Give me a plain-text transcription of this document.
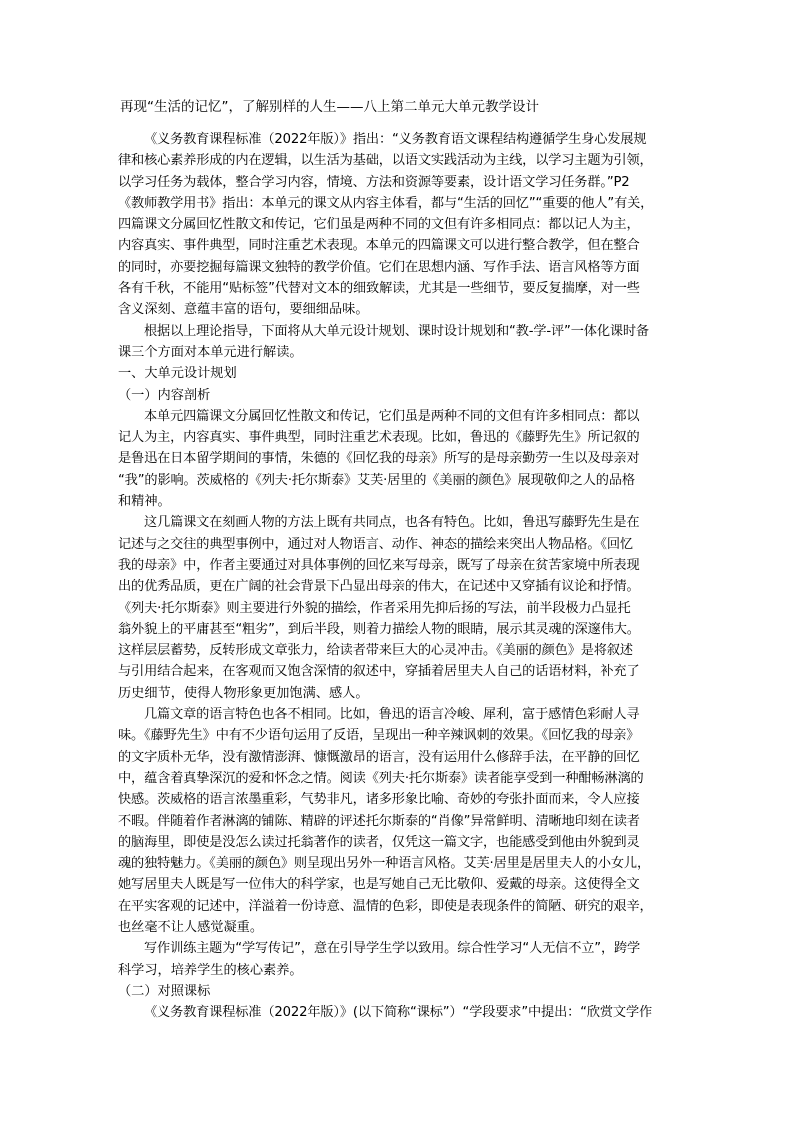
再现“生活的记忆”，了解别样的人生——八上第二单元大单元教学设计
《义务教育课程标准（2022年版）》指出：“义务教育语文课程结构遵循学生身心发展规
律和核心素养形成的内在逻辑，以生活为基础，以语文实践活动为主线，以学习主题为引领，
以学习任务为载体，整合学习内容，情境、方法和资源等要素，设计语文学习任务群。”P2
《教师教学用书》指出：本单元的课文从内容主体看，都与“生活的回忆”“重要的他人”有关，
四篇课文分属回忆性散文和传记，它们虽是两种不同的文但有许多相同点：都以记人为主，
内容真实、事件典型，同时注重艺术表现。本单元的四篇课文可以进行整合教学，但在整合
的同时，亦要挖掘每篇课文独特的教学价值。它们在思想内涵、写作手法、语言风格等方面
各有千秋，不能用“贴标签”代替对文本的细致解读，尤其是一些细节，要反复揣摩，对一些
含义深刻、意蕴丰富的语句，要细细品味。
根据以上理论指导，下面将从大单元设计规划、课时设计规划和“教-学-评”一体化课时备
课三个方面对本单元进行解读。
一、大单元设计规划
（一）内容剖析
本单元四篇课文分属回忆性散文和传记，它们虽是两种不同的文但有许多相同点：都以
记人为主，内容真实、事件典型，同时注重艺术表现。比如，鲁迅的《藤野先生》所记叙的
是鲁迅在日本留学期间的事情，朱德的《回忆我的母亲》所写的是母亲勤劳一生以及母亲对
“我”的影响。茨威格的《列夫·托尔斯泰》艾芙·居里的《美丽的颜色》展现敬仰之人的品格
和精神。
这几篇课文在刻画人物的方法上既有共同点，也各有特色。比如，鲁迅写藤野先生是在
记述与之交往的典型事例中，通过对人物语言、动作、神态的描绘来突出人物品格。《回忆
我的母亲》中，作者主要通过对具体事例的回忆来写母亲，既写了母亲在贫苦家境中所表现
出的优秀品质，更在广阔的社会背景下凸显出母亲的伟大，在记述中又穿插有议论和抒情。
《列夫·托尔斯泰》则主要进行外貌的描绘，作者采用先抑后扬的写法，前半段极力凸显托
翁外貌上的平庸甚至“粗劣”，到后半段，则着力描绘人物的眼睛，展示其灵魂的深邃伟大。
这样层层蓄势，反转形成文章张力，给读者带来巨大的心灵冲击。《美丽的颜色》是将叙述
与引用结合起来，在客观而又饱含深情的叙述中，穿插着居里夫人自己的话语材料，补充了
历史细节，使得人物形象更加饱满、感人。
几篇文章的语言特色也各不相同。比如，鲁迅的语言冷峻、犀利，富于感情色彩耐人寻
味。《藤野先生》中有不少语句运用了反语，呈现出一种辛辣讽刺的效果。《回忆我的母亲》
的文字质朴无华，没有激情澎湃、慷慨激昂的语言，没有运用什么修辞手法，在平静的回忆
中，蕴含着真挚深沉的爱和怀念之情。阅读《列夫·托尔斯泰》读者能享受到一种酣畅淋漓的
快感。茨威格的语言浓墨重彩，气势非凡，诸多形象比喻、奇妙的夸张扑面而来，令人应接
不暇。伴随着作者淋漓的铺陈、精辟的评述托尔斯泰的“肖像”异常鲜明、清晰地印刻在读者
的脑海里，即使是没怎么读过托翁著作的读者，仅凭这一篇文字，也能感受到他由外貌到灵
魂的独特魅力。《美丽的颜色》则呈现出另外一种语言风格。艾芙·居里是居里夫人的小女儿，
她写居里夫人既是写一位伟大的科学家，也是写她自己无比敬仰、爱戴的母亲。这使得全文
在平实客观的记述中，洋溢着一份诗意、温情的色彩，即使是表现条件的简陋、研究的艰辛，
也丝毫不让人感觉凝重。
写作训练主题为“学写传记”，意在引导学生学以致用。综合性学习“人无信不立”，跨学
科学习，培养学生的核心素养。
（二）对照课标
《义务教育课程标准（2022年版）》(以下简称“课标”）“学段要求”中提出：“欣赏文学作
